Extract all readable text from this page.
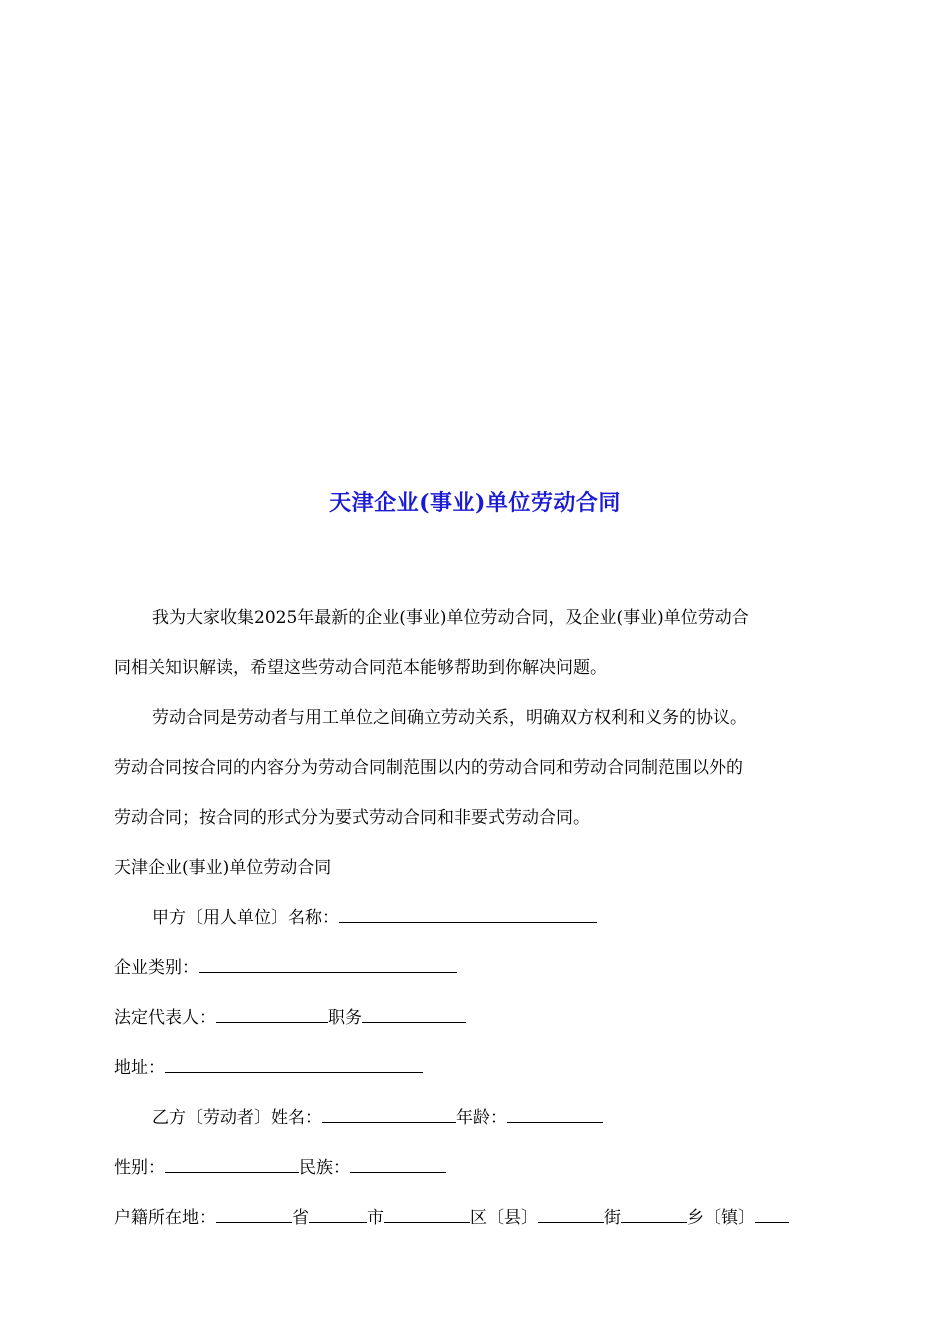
天津企业(事业)单位劳动合同
我为大家收集2025年最新的企业(事业)单位劳动合同，及企业(事业)单位劳动合
同相关知识解读，希望这些劳动合同范本能够帮助到你解决问题。
劳动合同是劳动者与用工单位之间确立劳动关系，明确双方权利和义务的协议。
劳动合同按合同的内容分为劳动合同制范围以内的劳动合同和劳动合同制范围以外的
劳动合同；按合同的形式分为要式劳动合同和非要式劳动合同。
天津企业(事业)单位劳动合同
甲方〔用人单位〕名称：
企业类别：
法定代表人：	职务
地址：
乙方〔劳动者〕姓名：	年龄：
性别：	民族：
户籍所在地：	省	市	区〔县〕	街	乡〔镇〕
